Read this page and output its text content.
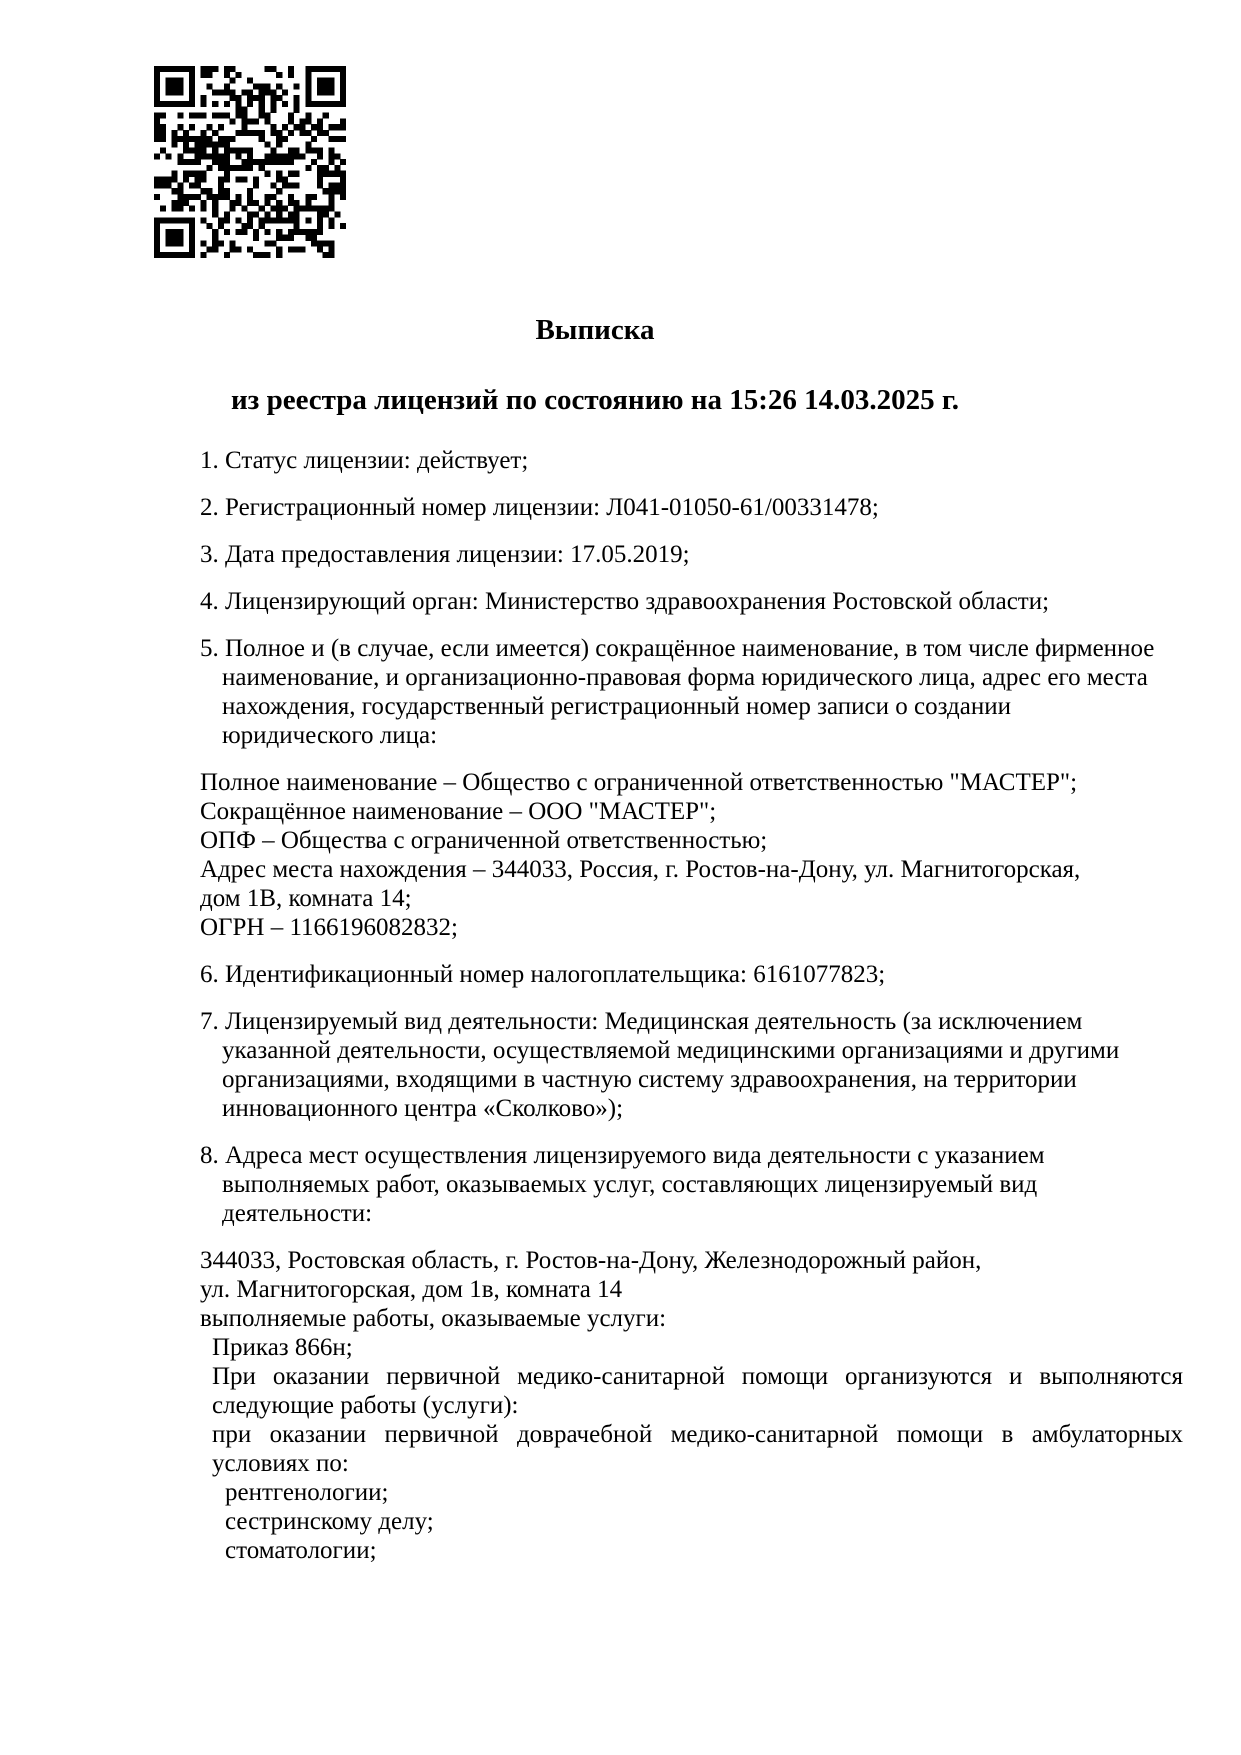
Выписка
из реестра лицензий по состоянию на 15:26 14.03.2025 г.
1. Статус лицензии: действует;
2. Регистрационный номер лицензии: Л041-01050-61/00331478;
3. Дата предоставления лицензии: 17.05.2019;
4. Лицензирующий орган: Министерство здравоохранения Ростовской области;
5. Полное и (в случае, если имеется) сокращённое наименование, в том числе фирменное
наименование, и организационно-правовая форма юридического лица, адрес его места
нахождения, государственный регистрационный номер записи о создании
юридического лица:
Полное наименование – Общество с ограниченной ответственностью "МАСТЕР";
Сокращённое наименование – ООО "МАСТЕР";
ОПФ – Общества с ограниченной ответственностью;
Адрес места нахождения – 344033, Россия, г. Ростов-на-Дону, ул. Магнитогорская,
дом 1В, комната 14;
ОГРН – 1166196082832;
6. Идентификационный номер налогоплательщика: 6161077823;
7. Лицензируемый вид деятельности: Медицинская деятельность (за исключением
указанной деятельности, осуществляемой медицинскими организациями и другими
организациями, входящими в частную систему здравоохранения, на территории
инновационного центра «Сколково»);
8. Адреса мест осуществления лицензируемого вида деятельности с указанием
выполняемых работ, оказываемых услуг, составляющих лицензируемый вид
деятельности:
344033, Ростовская область, г. Ростов-на-Дону, Железнодорожный район,
ул. Магнитогорская, дом 1в, комната 14
выполняемые работы, оказываемые услуги:
Приказ 866н;
При оказании первичной медико-санитарной помощи организуются и выполняются
следующие работы (услуги):
при оказании первичной доврачебной медико-санитарной помощи в амбулаторных
условиях по:
рентгенологии;
сестринскому делу;
стоматологии;
